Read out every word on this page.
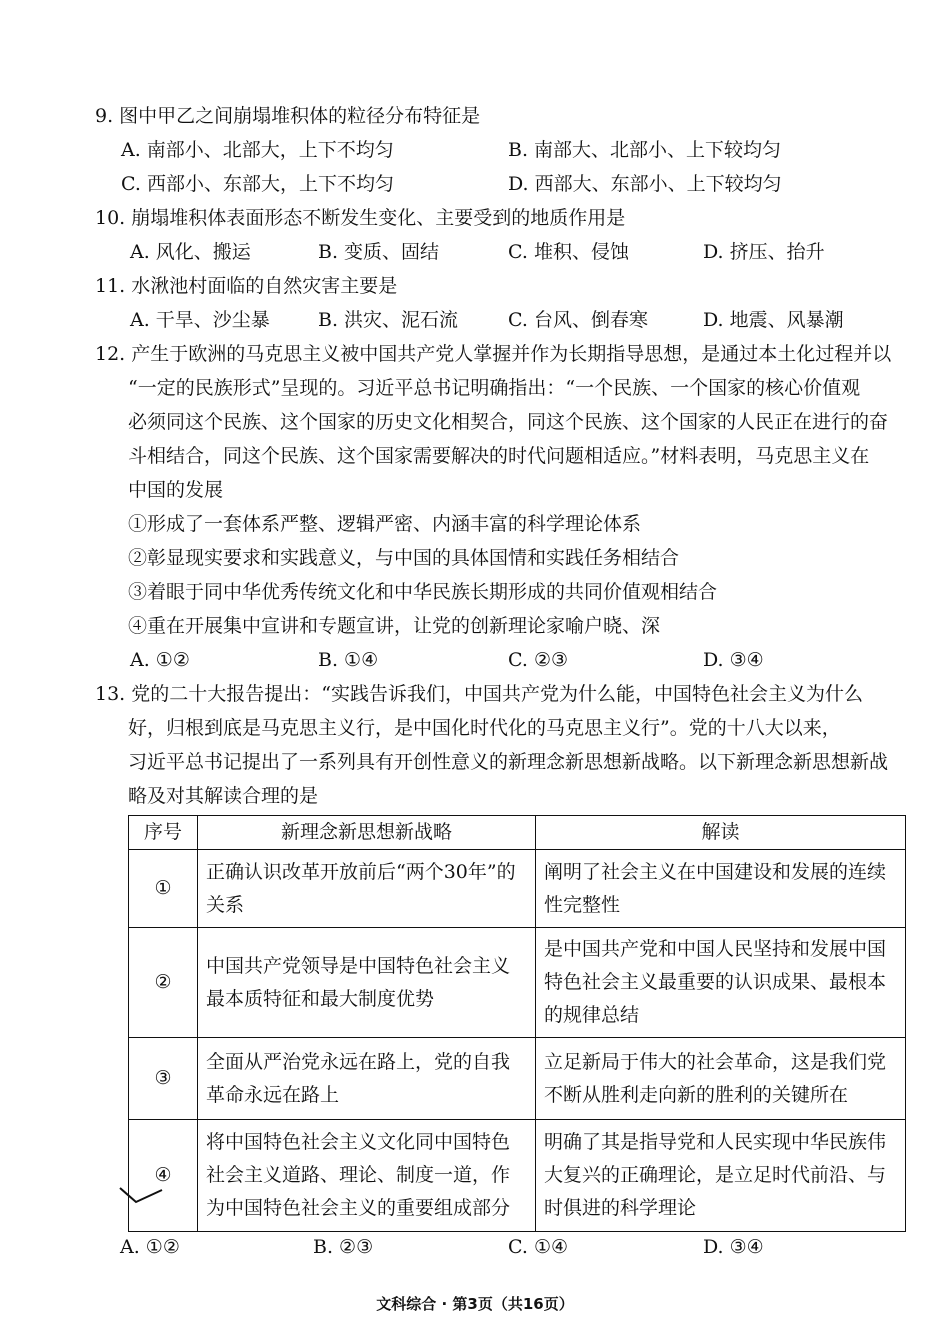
9. 图中甲乙之间崩塌堆积体的粒径分布特征是
A. 南部小、北部大，上下不均匀	B. 南部大、北部小、上下较均匀
C. 西部小、东部大，上下不均匀	D. 西部大、东部小、上下较均匀
10. 崩塌堆积体表面形态不断发生变化、主要受到的地质作用是
A. 风化、搬运	B. 变质、固结	C. 堆积、侵蚀	D. 挤压、抬升
11. 水湫池村面临的自然灾害主要是
A. 干旱、沙尘暴	B. 洪灾、泥石流	C. 台风、倒春寒	D. 地震、风暴潮
12. 产生于欧洲的马克思主义被中国共产党人掌握并作为长期指导思想，是通过本土化过程并以
“一定的民族形式”呈现的。习近平总书记明确指出：“一个民族、一个国家的核心价值观
必须同这个民族、这个国家的历史文化相契合，同这个民族、这个国家的人民正在进行的奋
斗相结合，同这个民族、这个国家需要解决的时代问题相适应。”材料表明，马克思主义在
中国的发展
①形成了一套体系严整、逻辑严密、内涵丰富的科学理论体系
②彰显现实要求和实践意义，与中国的具体国情和实践任务相结合
③着眼于同中华优秀传统文化和中华民族长期形成的共同价值观相结合
④重在开展集中宣讲和专题宣讲，让党的创新理论家喻户晓、深
A. ①②	B. ①④	C. ②③	D. ③④
13. 党的二十大报告提出：“实践告诉我们，中国共产党为什么能，中国特色社会主义为什么
好，归根到底是马克思主义行，是中国化时代化的马克思主义行”。党的十八大以来，
习近平总书记提出了一系列具有开创性意义的新理念新思想新战略。以下新理念新思想新战
略及对其解读合理的是
序号	新理念新思想新战略	解读
①	正确认识改革开放前后“两个30年”的关系	阐明了社会主义在中国建设和发展的连续性完整性
②	中国共产党领导是中国特色社会主义最本质特征和最大制度优势	是中国共产党和中国人民坚持和发展中国特色社会主义最重要的认识成果、最根本的规律总结
③	全面从严治党永远在路上，党的自我革命永远在路上	立足新局于伟大的社会革命，这是我们党不断从胜利走向新的胜利的关键所在
④	将中国特色社会主义文化同中国特色社会主义道路、理论、制度一道，作为中国特色社会主义的重要组成部分	明确了其是指导党和人民实现中华民族伟大复兴的正确理论，是立足时代前沿、与时俱进的科学理论
A. ①②	B. ②③	C. ①④	D. ③④
文科综合 · 第3页（共16页）
